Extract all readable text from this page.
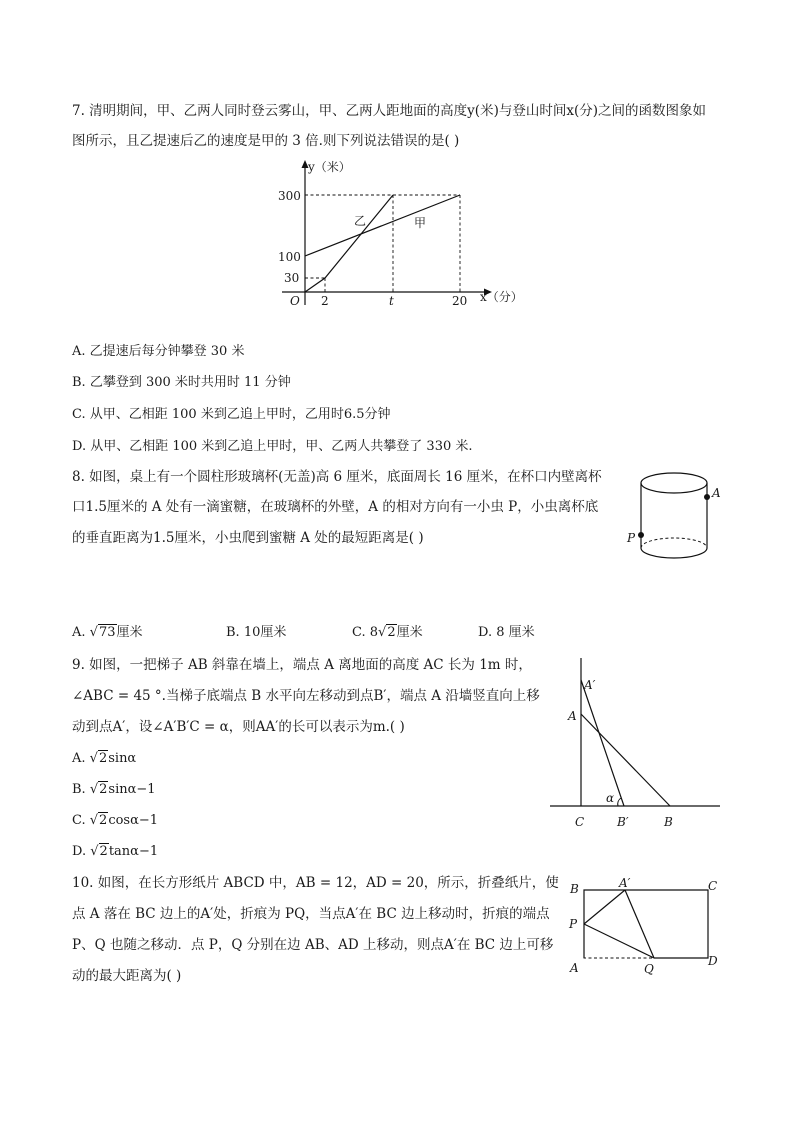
7. 清明期间，甲、乙两人同时登云雾山，甲、乙两人距地面的高度y(米)与登山时间x(分)之间的函数图象如
图所示，且乙提速后乙的速度是甲的 3 倍.则下列说法错误的是( )
y（米）
x（分）
O
300
100
30
2	t	20
乙	甲
A. 乙提速后每分钟攀登 30 米
B. 乙攀登到 300 米时共用时 11 分钟
C. 从甲、乙相距 100 米到乙追上甲时，乙用时6.5分钟
D. 从甲、乙相距 100 米到乙追上甲时，甲、乙两人共攀登了 330 米.
8. 如图，桌上有一个圆柱形玻璃杯(无盖)高 6 厘米，底面周长 16 厘米，在杯口内壁离杯
口1.5厘米的 A 处有一滴蜜糖，在玻璃杯的外壁，A 的相对方向有一小虫 P，小虫离杯底
的垂直距离为1.5厘米，小虫爬到蜜糖 A 处的最短距离是( )
A
P
A. √73厘米	B. 10厘米	C. 8√2厘米	D. 8 厘米
9. 如图，一把梯子 AB 斜靠在墙上，端点 A 离地面的高度 AC 长为 1m 时，
∠ABC = 45 °.当梯子底端点 B 水平向左移动到点B′，端点 A 沿墙竖直向上移
动到点A′，设∠A′B′C = α，则AA′的长可以表示为m.( )
A′
A
α
C	B′	B
A. √2sinα
B. √2sinα−1
C. √2cosα−1
D. √2tanα−1
10. 如图，在长方形纸片 ABCD 中，AB = 12，AD = 20，所示，折叠纸片，使
点 A 落在 BC 边上的A′处，折痕为 PQ，当点A′在 BC 边上移动时，折痕的端点
P、Q 也随之移动．点 P，Q 分别在边 AB、AD 上移动，则点A′在 BC 边上可移
动的最大距离为( )
B	A′	C
P
A	Q
D
